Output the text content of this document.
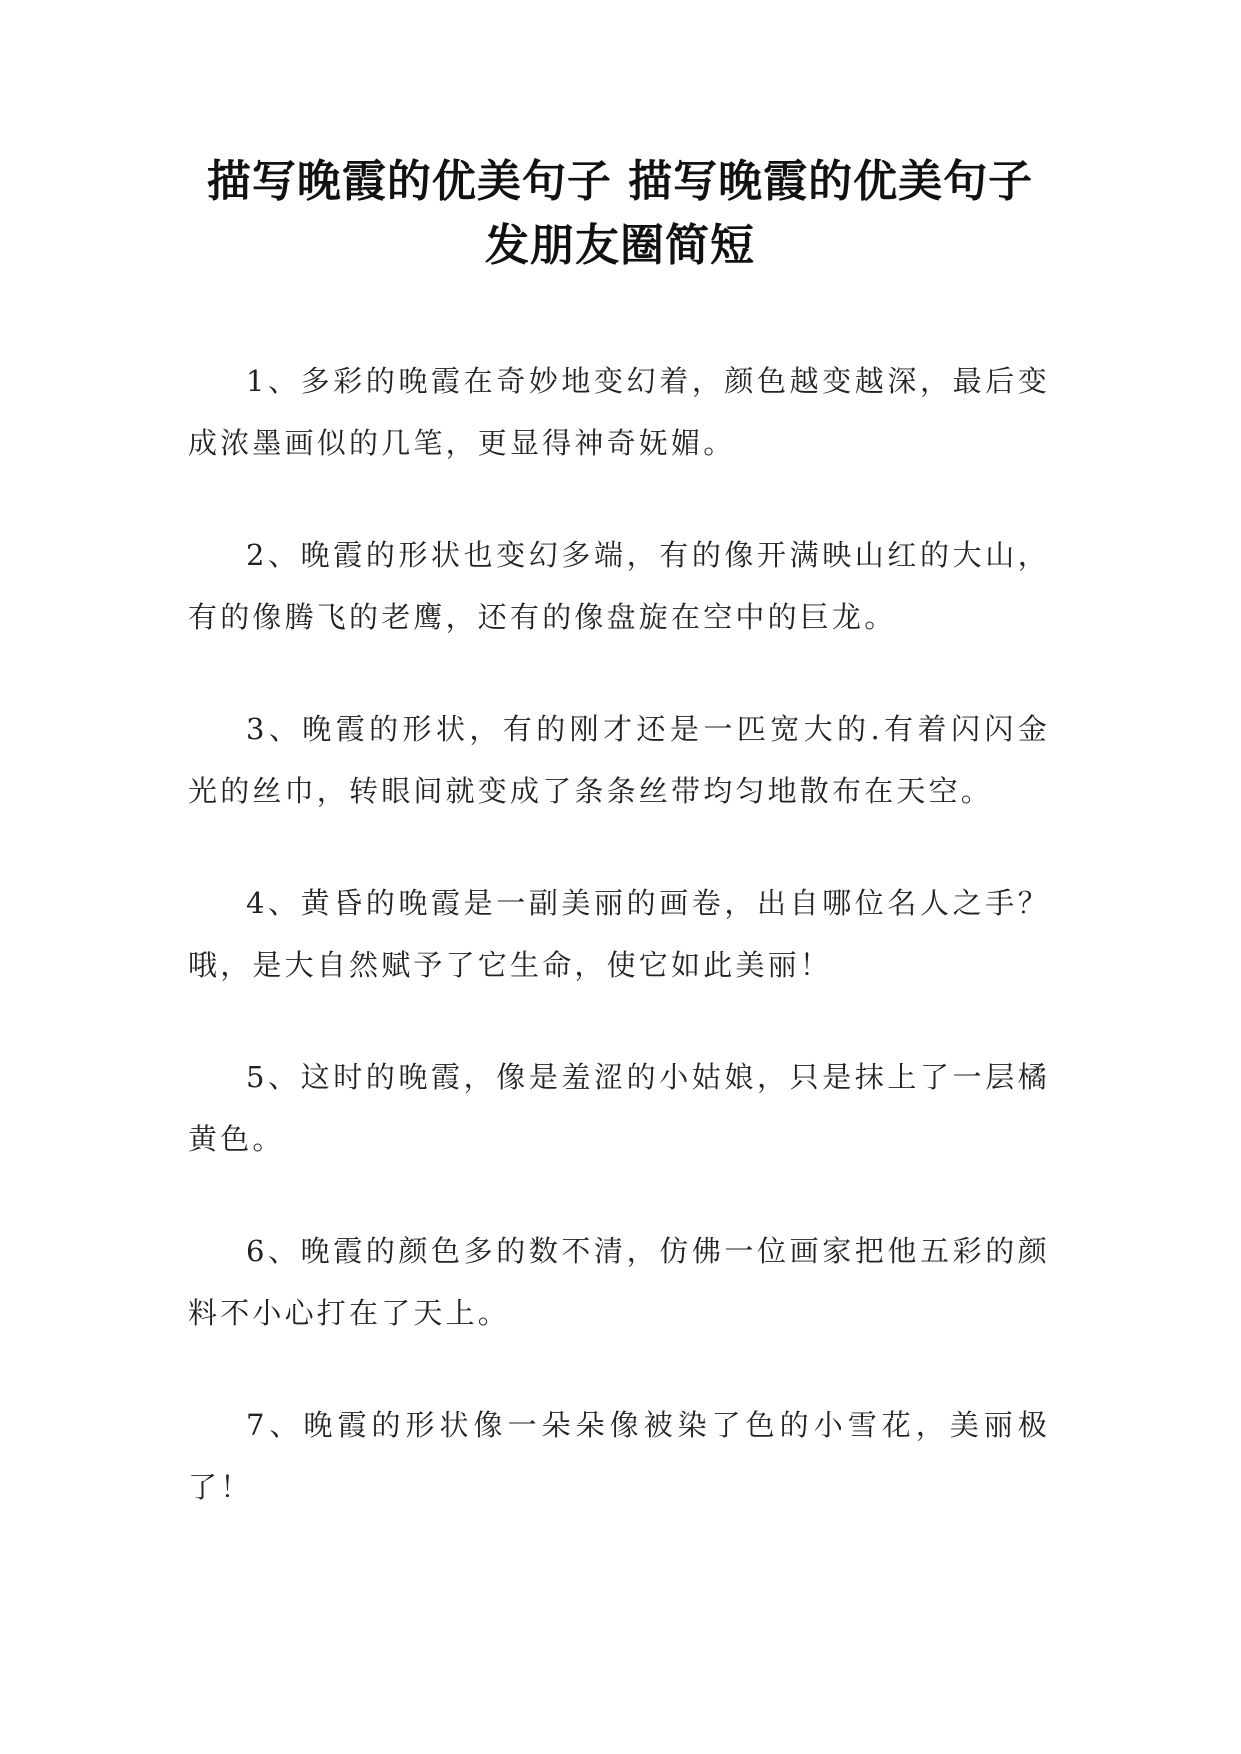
描写晚霞的优美句子 描写晚霞的优美句子发朋友圈简短

1、多彩的晚霞在奇妙地变幻着，颜色越变越深，最后变成浓墨画似的几笔，更显得神奇妩媚。

2、晚霞的形状也变幻多端，有的像开满映山红的大山，有的像腾飞的老鹰，还有的像盘旋在空中的巨龙。

3、晚霞的形状，有的刚才还是一匹宽大的.有着闪闪金光的丝巾，转眼间就变成了条条丝带均匀地散布在天空。

4、黄昏的晚霞是一副美丽的画卷，出自哪位名人之手？哦，是大自然赋予了它生命，使它如此美丽！

5、这时的晚霞，像是羞涩的小姑娘，只是抹上了一层橘黄色。

6、晚霞的颜色多的数不清，仿佛一位画家把他五彩的颜料不小心打在了天上。

7、晚霞的形状像一朵朵像被染了色的小雪花，美丽极了！
